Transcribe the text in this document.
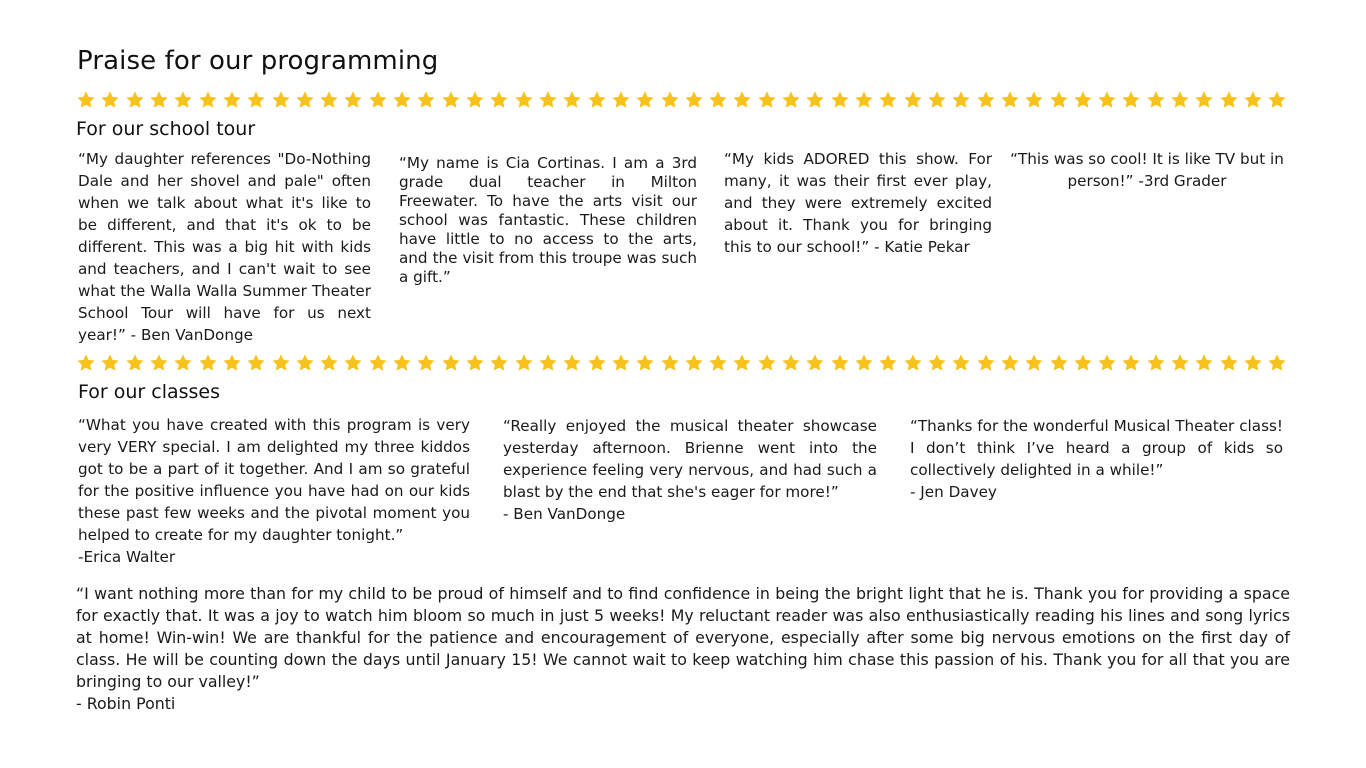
Praise for our programming
For our school tour
“My daughter references "Do-Nothing Dale and her shovel and pale" often when we talk about what it's like to be different, and that it's ok to be different. This was a big hit with kids and teachers, and I can't wait to see what the Walla Walla Summer Theater School Tour will have for us next year!” - Ben VanDonge
“My name is Cia Cortinas. I am a 3rd grade dual teacher in Milton Freewater. To have the arts visit our school was fantastic. These children have little to no access to the arts, and the visit from this troupe was such a gift.”
“My kids ADORED this show. For many, it was their first ever play, and they were extremely excited about it. Thank you for bringing this to our school!” - Katie Pekar
“This was so cool! It is like TV but in person!” -3rd Grader
For our classes
“What you have created with this program is very very VERY special. I am delighted my three kiddos got to be a part of it together. And I am so grateful for the positive influence you have had on our kids these past few weeks and the pivotal moment you helped to create for my daughter tonight.”
-Erica Walter
“Really enjoyed the musical theater showcase yesterday afternoon. Brienne went into the experience feeling very nervous, and had such a blast by the end that she's eager for more!”
- Ben VanDonge
“Thanks for the wonderful Musical Theater class! I don’t think I’ve heard a group of kids so collectively delighted in a while!”
- Jen Davey
“I want nothing more than for my child to be proud of himself and to find confidence in being the bright light that he is. Thank you for providing a space for exactly that. It was a joy to watch him bloom so much in just 5 weeks! My reluctant reader was also enthusiastically reading his lines and song lyrics at home! Win-win! We are thankful for the patience and encouragement of everyone, especially after some big nervous emotions on the first day of class. He will be counting down the days until January 15! We cannot wait to keep watching him chase this passion of his. Thank you for all that you are bringing to our valley!”
- Robin Ponti
